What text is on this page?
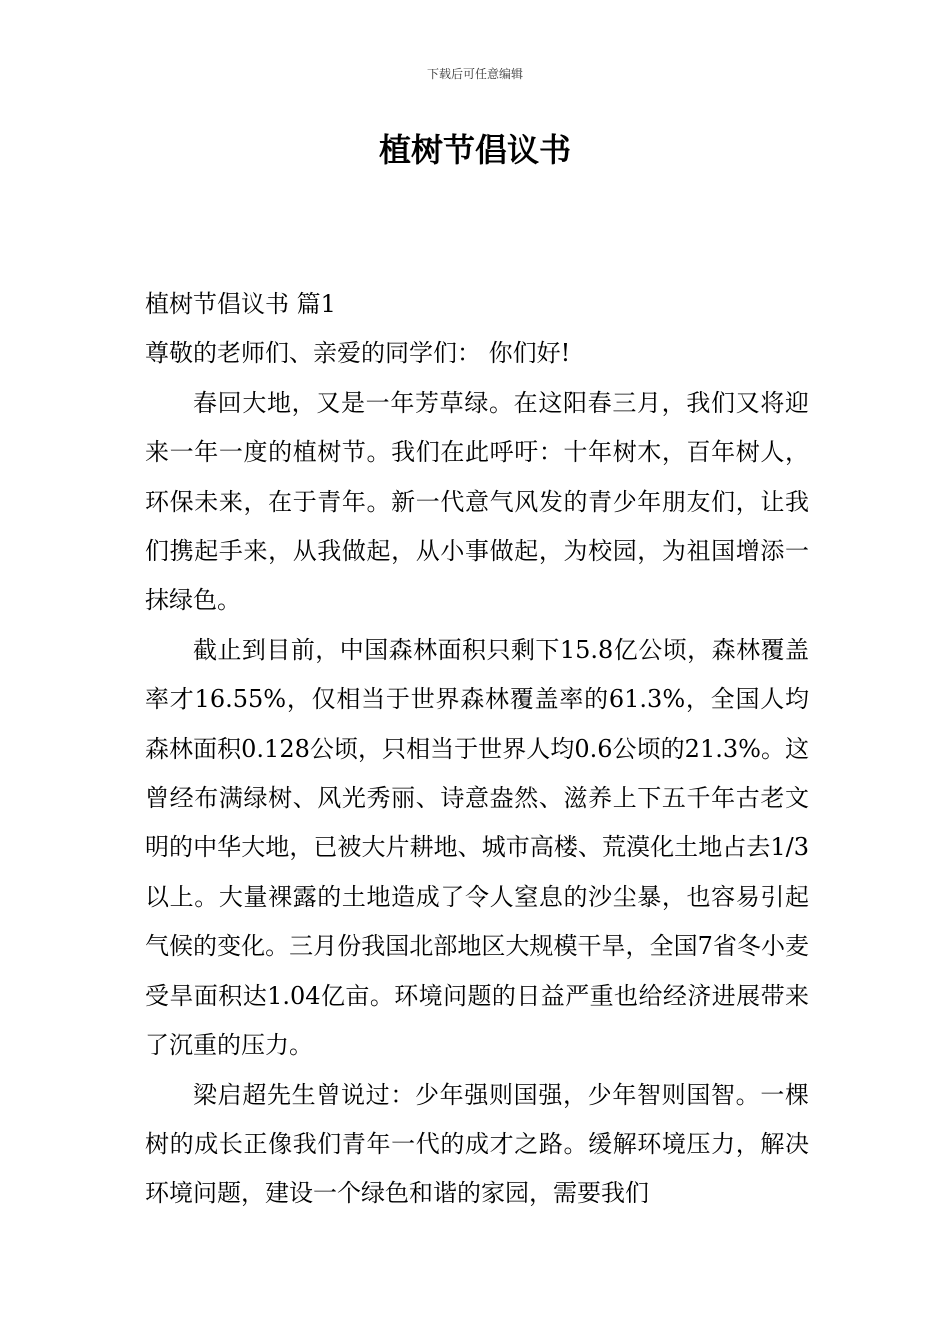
下载后可任意编辑
植树节倡议书

植树节倡议书 篇1

尊敬的老师们、亲爱的同学们： 你们好!

春回大地，又是一年芳草绿。在这阳春三月，我们又将迎来一年一度的植树节。我们在此呼吁：十年树木，百年树人，环保未来，在于青年。新一代意气风发的青少年朋友们，让我们携起手来，从我做起，从小事做起，为校园，为祖国增添一抹绿色。

截止到目前，中国森林面积只剩下15.8亿公顷，森林覆盖率才16.55%，仅相当于世界森林覆盖率的61.3%，全国人均森林面积0.128公顷，只相当于世界人均0.6公顷的21.3%。这曾经布满绿树、风光秀丽、诗意盎然、滋养上下五千年古老文明的中华大地，已被大片耕地、城市高楼、荒漠化土地占去1/3以上。大量裸露的土地造成了令人窒息的沙尘暴，也容易引起气候的变化。三月份我国北部地区大规模干旱，全国7省冬小麦受旱面积达1.04亿亩。环境问题的日益严重也给经济进展带来了沉重的压力。

梁启超先生曾说过：少年强则国强，少年智则国智。一棵树的成长正像我们青年一代的成才之路。缓解环境压力，解决环境问题，建设一个绿色和谐的家园，需要我们
